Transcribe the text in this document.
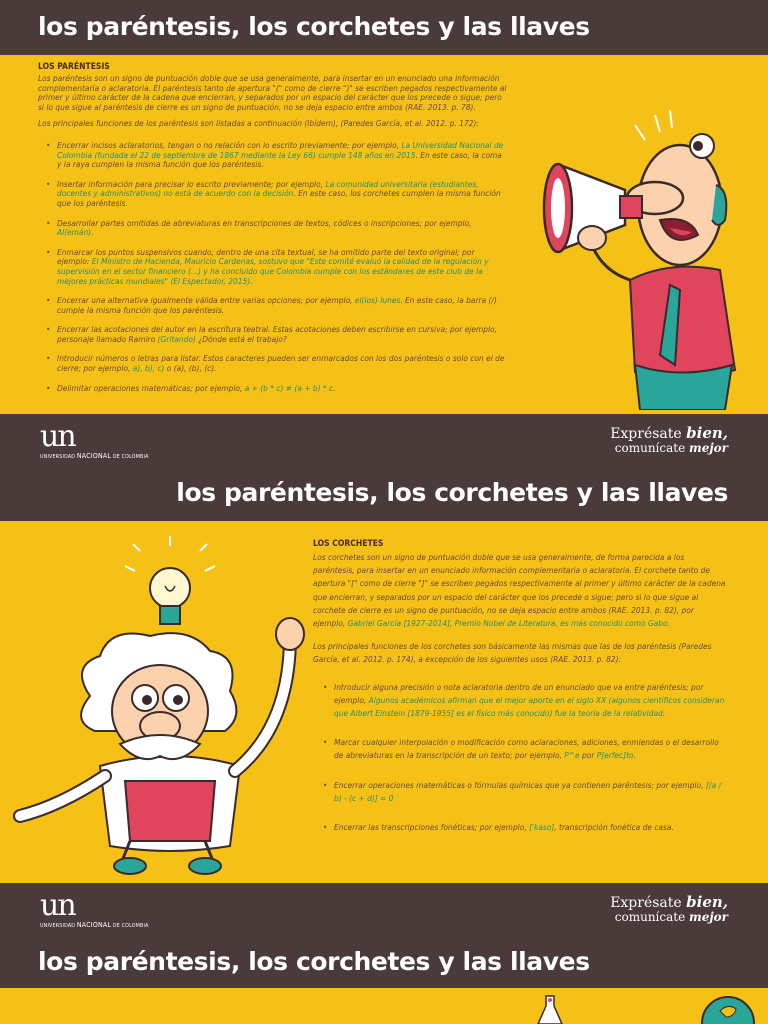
los paréntesis, los corchetes y las llaves
LOS PARÉNTESIS

Los paréntesis son un signo de puntuación doble que se usa generalmente, para insertar en un enunciado una información complementaria o aclaratoria. El paréntesis tanto de apertura "(" como de cierre ")" se escriben pegados respectivamente al primer y último carácter de la cadena que encierran, y separados por un espacio del carácter que los precede o sigue; pero si lo que sigue al paréntesis de cierre es un signo de puntuación, no se deja espacio entre ambos (RAE. 2013. p. 78).

Los principales funciones de los paréntesis son listadas a continuación (Ibídem), (Paredes García, et al. 2012. p. 172):

• Encerrar incisos aclaratorios, tengan o no relación con lo escrito previamente; por ejemplo, La Universidad Nacional de Colombia (fundada el 22 de septiembre de 1867 mediante la Ley 66) cumple 148 años en 2015. En este caso, la coma y la raya cumplen la misma función que los paréntesis.
• Insertar información para precisar lo escrito previamente; por ejemplo, La comunidad universitaria (estudiantes, docentes y administrativos) no está de acuerdo con la decisión. En este caso, los corchetes cumplen la misma función que los paréntesis.
• Desarrollar partes omitidas de abreviaturas en transcripciones de textos, códices o inscripciones; por ejemplo, Al(emán).
• Enmarcar los puntos suspensivos cuando, dentro de una cita textual, se ha omitido parte del texto original; por ejemplo: El Ministro de Hacienda, Mauricio Cardenas, sostuvo que "Este comité evaluó la calidad de la regulación y supervisión en el sector financiero (...) y ha concluido que Colombia cumple con los estándares de este club de la mejores prácticas mundiales" (El Espectador, 2015).
• Encerrar una alternativa igualmente válida entre varias opciones; por ejemplo, el(los) lunes. En este caso, la barra (/) cumple la misma función que los paréntesis.
• Encerrar las acotaciones del autor en la escritura teatral. Estas acotaciones deben escribirse en cursiva; por ejemplo, personaje llamado Ramiro (Gritando) ¿Dónde está el trabajo?
• Introducir números o letras para listar. Estos caracteres pueden ser enmarcados con los dos paréntesis o solo con el de cierre; por ejemplo, a), b), c) o (a), (b), (c).
• Delimitar operaciones matemáticas; por ejemplo, a + (b * c) ≠ (a + b) * c.
un
UNIVERSIDAD NACIONAL DE COLOMBIA
Exprésate bien,
comunícate mejor
los paréntesis, los corchetes y las llaves
LOS CORCHETES

Los corchetes son un signo de puntuación doble que se usa generalmente, de forma parecida a los paréntesis, para insertar en un enunciado información complementaria o aclaratoria. El corchete tanto de apertura "[" como de cierre "]" se escriben pegados respectivamente al primer y último carácter de la cadena que encierran, y separados por un espacio del carácter que los precede o sigue; pero si lo que sigue al corchete de cierre es un signo de puntuación, no se deja espacio entre ambos (RAE. 2013. p. 82), por ejemplo, Gabriel García [1927-2014], Premio Nobel de Literatura, es más conocido como Gabo.

Los principales funciones de los corchetes son básicamente las mismas que las de los paréntesis (Paredes García, et al. 2012. p. 174), a excepción de los siguientes usos (RAE. 2013. p. 82):

• Introducir alguna precisión o nota aclaratoria dentro de un enunciado que va entre paréntesis; por ejemplo, Algunos académicos afirman que el mejor aporte en el siglo XX (algunos científicos consideran que Albert Einstein [1879-1955] es el físico más conocido) fue la teoría de la relatividad.
• Marcar cualquier interpolación o modificación como aclaraciones, adiciones, enmiendas o el desarrollo de abreviaturas en la transcripción de un texto; por ejemplo, P^e por P[erfec]to.
• Encerrar operaciones matemáticas o fórmulas químicas que ya contienen paréntesis; por ejemplo, [(a / b) - (c + d)] = 0
• Encerrar las transcripciones fonéticas; por ejemplo, [ˈkaso], transcripción fonética de casa.
un
UNIVERSIDAD NACIONAL DE COLOMBIA
Exprésate bien,
comunícate mejor
los paréntesis, los corchetes y las llaves
